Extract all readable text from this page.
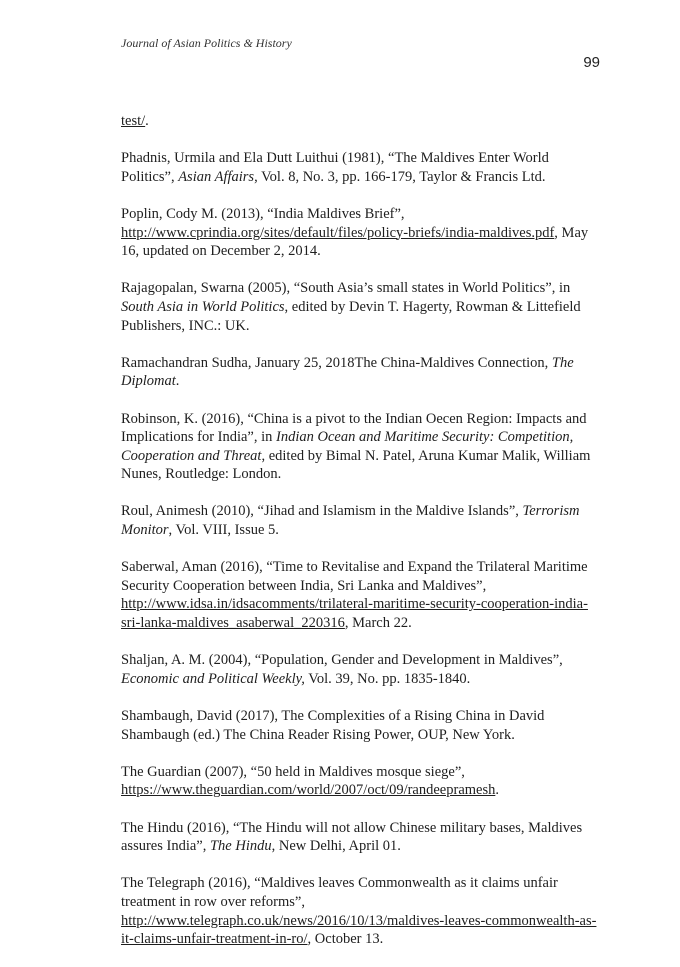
Journal of Asian Politics & History
99

test/.

Phadnis, Urmila and Ela Dutt Luithui (1981), “The Maldives Enter World Politics”, Asian Affairs, Vol. 8, No. 3, pp. 166-179, Taylor & Francis Ltd.

Poplin, Cody M. (2013), “India Maldives Brief”, http://www.cprindia.org/sites/default/files/policy-briefs/india-maldives.pdf, May 16, updated on December 2, 2014.

Rajagopalan, Swarna (2005), “South Asia’s small states in World Politics”, in South Asia in World Politics, edited by Devin T. Hagerty, Rowman & Littefield Publishers, INC.: UK.

Ramachandran Sudha, January 25, 2018The China-Maldives Connection, The Diplomat.

Robinson, K. (2016), “China is a pivot to the Indian Oecen Region: Impacts and Implications for India”, in Indian Ocean and Maritime Security: Competition, Cooperation and Threat, edited by Bimal N. Patel, Aruna Kumar Malik, William Nunes, Routledge: London.

Roul, Animesh (2010), “Jihad and Islamism in the Maldive Islands”, Terrorism Monitor, Vol. VIII, Issue 5.

Saberwal, Aman (2016), “Time to Revitalise and Expand the Trilateral Maritime Security Cooperation between India, Sri Lanka and Maldives”, http://www.idsa.in/idsacomments/trilateral-maritime-security-cooperation-india-sri-lanka-maldives_asaberwal_220316, March 22.

Shaljan, A. M. (2004), “Population, Gender and Development in Maldives”, Economic and Political Weekly, Vol. 39, No. pp. 1835-1840.

Shambaugh, David (2017), The Complexities of a Rising China in David Shambaugh (ed.) The China Reader Rising Power, OUP, New York.

The Guardian (2007), “50 held in Maldives mosque siege”, https://www.theguardian.com/world/2007/oct/09/randeepramesh.

The Hindu (2016), “The Hindu will not allow Chinese military bases, Maldives assures India”, The Hindu, New Delhi, April 01.

The Telegraph (2016), “Maldives leaves Commonwealth as it claims unfair treatment in row over reforms”, http://www.telegraph.co.uk/news/2016/10/13/maldives-leaves-commonwealth-as-it-claims-unfair-treatment-in-ro/, October 13.
